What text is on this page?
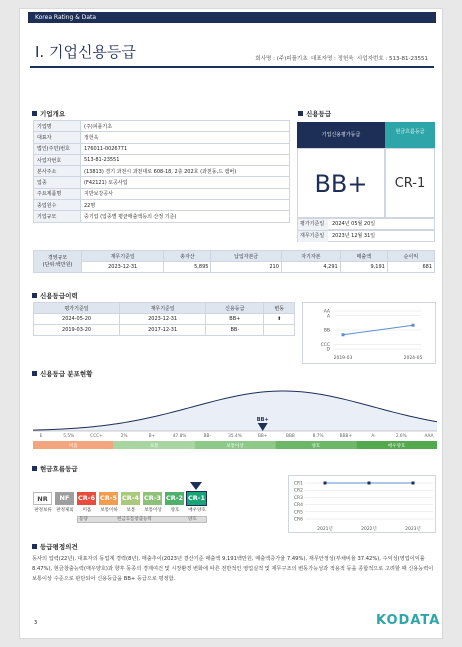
Korea Rating & Data
I. 기업신용등급	회사명 : (주)피플기초 대표자명 : 정헌욱 사업자번호 : 513-81-23551
기업개요
기업명	(주)피플기초
대표자	정헌욱
법인(주민)번호	176011-0026771
사업자번호	513-81-23551
본사주소	(13813) 경기 과천시 과천대로 608-18, 2층 202호 (과천동,드 캠버)
업종	(F42121) 토공사업
주요제품명	지반보강공사
종업원수	22명
기업규모	중기업 (업종별 평균매출액등의 산정 기준)
신용등급
기업신용평가등급	현금흐름등급
BB+	CR-1
평가기준일 2024년 05월 20일
재무기준일 2023년 12월 31일
경영규모
(단위:백만원)	재무기준일	총자산	납입자본금	자기자본	매출액	순이익
	2023-12-31	5,895	210	4,291	9,191	681
신용등급이력
평가기준일	재무기준일	신용등급	변동
2024-05-20	2023-12-31	BB+	⬆
2019-03-20	2017-12-31	BB-	
AA
A
BB
CCC
D
2019-03	2024-05
신용등급 분포현황
E	5.5%	CCC+	2%	B+	47.8%	BB-	35.4%	BB+	BBB	8.7%	BBB+	A-	2.6%	AAA
미흡	보통	보통이상	양호	매우양호
BB+
현금흐름등급
NR
판정보류
NF
판정제외
CR-6
미흡
CR-5
보통이하
CR-4
보통
CR-3
보통이상
CR-2
양호
CR-1
매우양호
불량	현금흐름창출능력	양호
CR1
CR2
CR3
CR4
CR5
CR6
2021년	2022년	2023년
등급평정의견
동사의 업력(22년), 대표자의 동업계 경력(8년), 매출추이(2023년 결산기준 매출액 9,191백만원, 매출액증가율 7.49%), 재무안정성(부채비율 37.42%), 수익성(영업이익률 8.47%), 현금창출능력(매우양호)과 향후 동종의 경제여건 및 시장환경 변화에 따른 전반적인 영업실적 및 재무구조의 변동가능성과 적용적 등을 종합적으로 고려할 때 신용능력이 보통이상 수준으로 판단되어 신용등급을 BB+ 등급으로 평정함.
3	KODATA
